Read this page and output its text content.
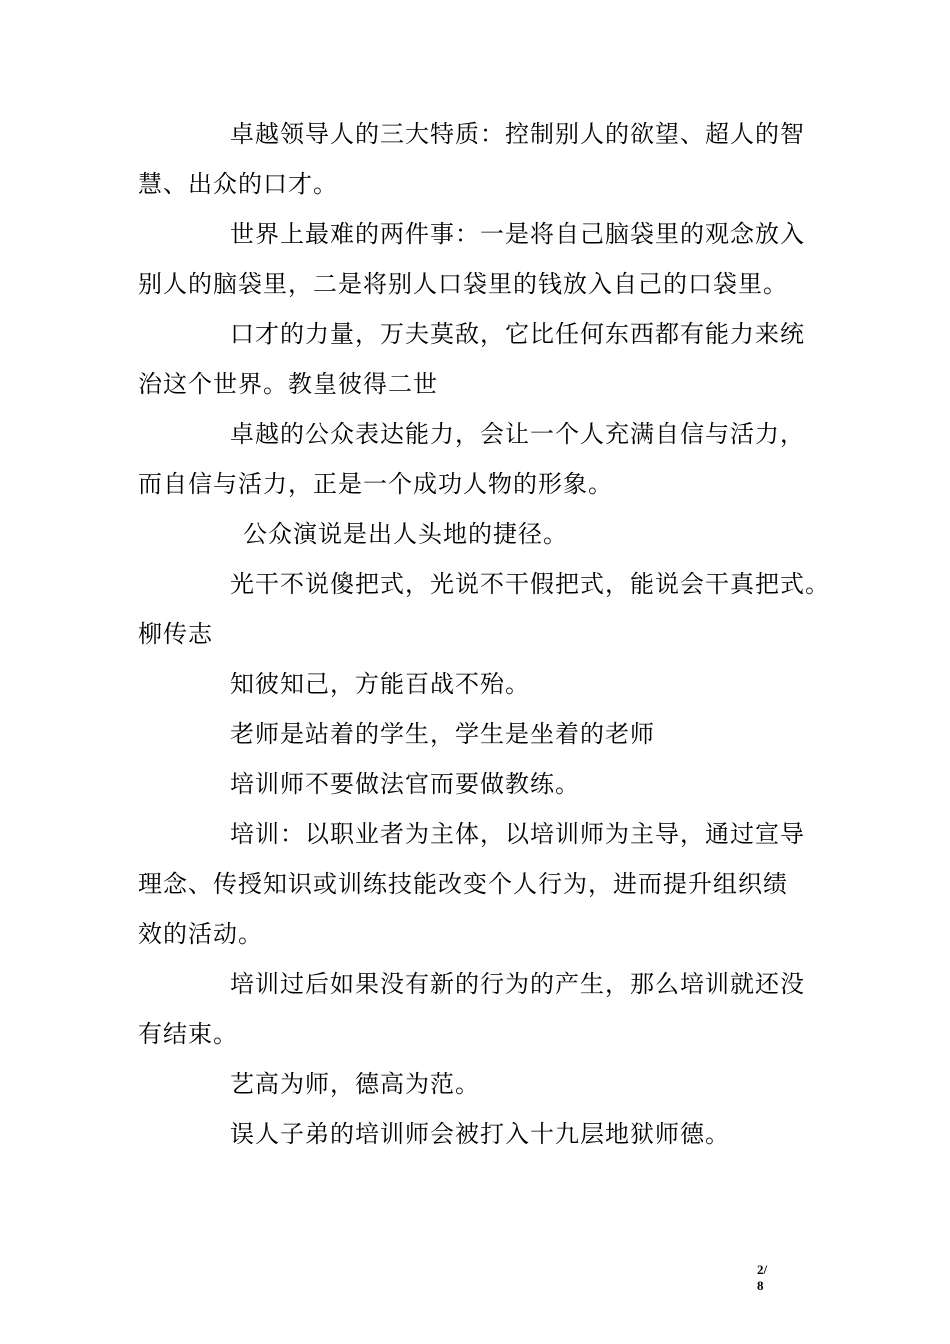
卓越领导人的三大特质：控制别人的欲望、超人的智
慧、出众的口才。
世界上最难的两件事：一是将自己脑袋里的观念放入
别人的脑袋里，二是将别人口袋里的钱放入自己的口袋里。
口才的力量，万夫莫敌，它比任何东西都有能力来统
治这个世界。教皇彼得二世
卓越的公众表达能力，会让一个人充满自信与活力，
而自信与活力，正是一个成功人物的形象。
公众演说是出人头地的捷径。
光干不说傻把式，光说不干假把式，能说会干真把式。
柳传志
知彼知己，方能百战不殆。
老师是站着的学生，学生是坐着的老师
培训师不要做法官而要做教练。
培训：以职业者为主体，以培训师为主导，通过宣导
理念、传授知识或训练技能改变个人行为，进而提升组织绩
效的活动。
培训过后如果没有新的行为的产生，那么培训就还没
有结束。
艺高为师，德高为范。
误人子弟的培训师会被打入十九层地狱师德。
2/
8
